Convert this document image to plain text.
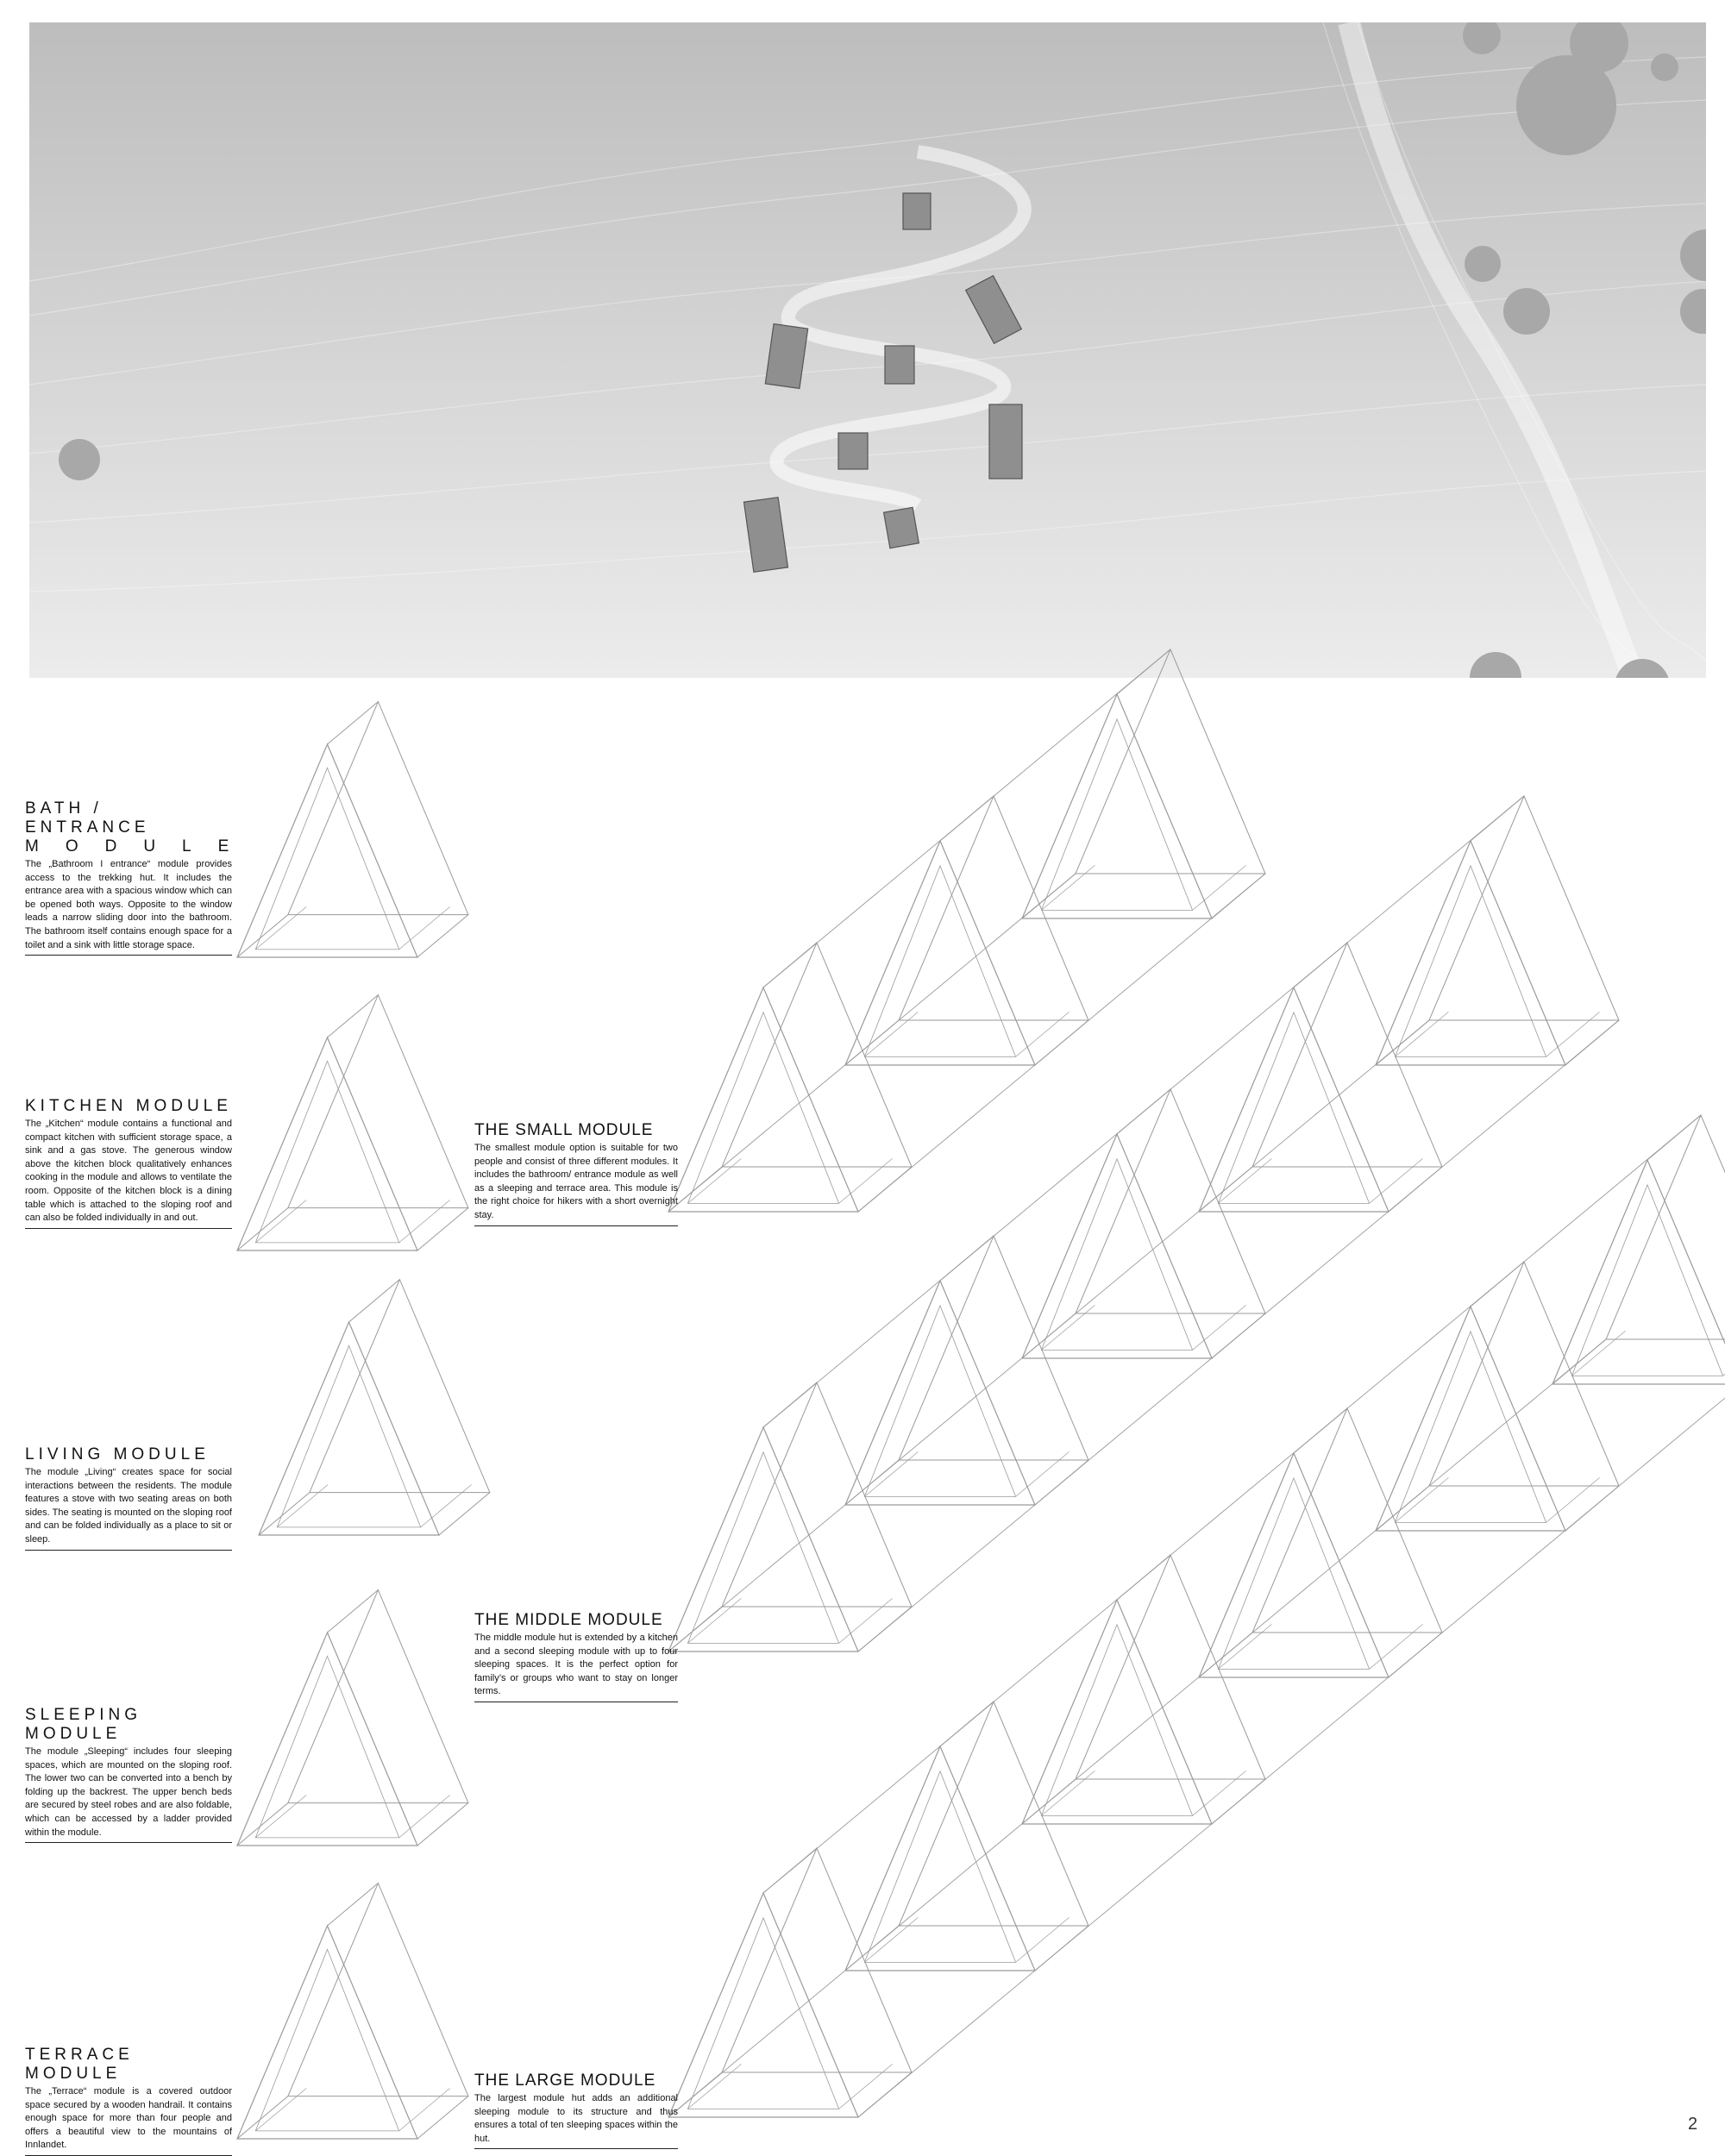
BATH / ENTRANCE
MODULE

The „Bathroom I entrance“ module provides access to the trekking hut. It includes the entrance area with a spacious window which can be opened both ways. Opposite to the window leads a narrow sliding door into the bathroom. The bathroom itself contains enough space for a toilet and a sink with little storage space.

KITCHEN MODULE

The „Kitchen“ module contains a functional and compact kitchen with sufficient storage space, a sink and a gas stove. The generous window above the kitchen block qualitatively enhances cooking in the module and allows to ventilate the room. Opposite of the kitchen block is a dining table which is attached to the sloping roof and can also be folded individually in and out.

LIVING MODULE

The module „Living“ creates space for social interactions between the residents. The module features a stove with two seating areas on both sides. The seating is mounted on the sloping roof and can be folded individually as a place to sit or sleep.

SLEEPING MODULE

The module „Sleeping“ includes four sleeping spaces, which are mounted on the sloping roof. The lower two can be converted into a bench by folding up the backrest. The upper bench beds are secured by steel robes and are also foldable, which can be accessed by a ladder provided within the module.

TERRACE MODULE

The „Terrace“ module is a covered outdoor space secured by a wooden handrail. It contains enough space for more than four people and offers a beautiful view to the mountains of Innlandet.

THE SMALL MODULE

The smallest module option is suitable for two people and consist of three different modules. It includes the bathroom/ entrance module as well as a sleeping and terrace area. This module is the right choice for hikers with a short overnight stay.

THE MIDDLE MODULE

The middle module hut is extended by a kitchen and a second sleeping module with up to four sleeping spaces. It is the perfect option for family’s or groups who want to stay on longer terms.

THE LARGE MODULE

The largest module hut adds an additional sleeping module to its structure and thus ensures a total of ten sleeping spaces within the hut.

2
